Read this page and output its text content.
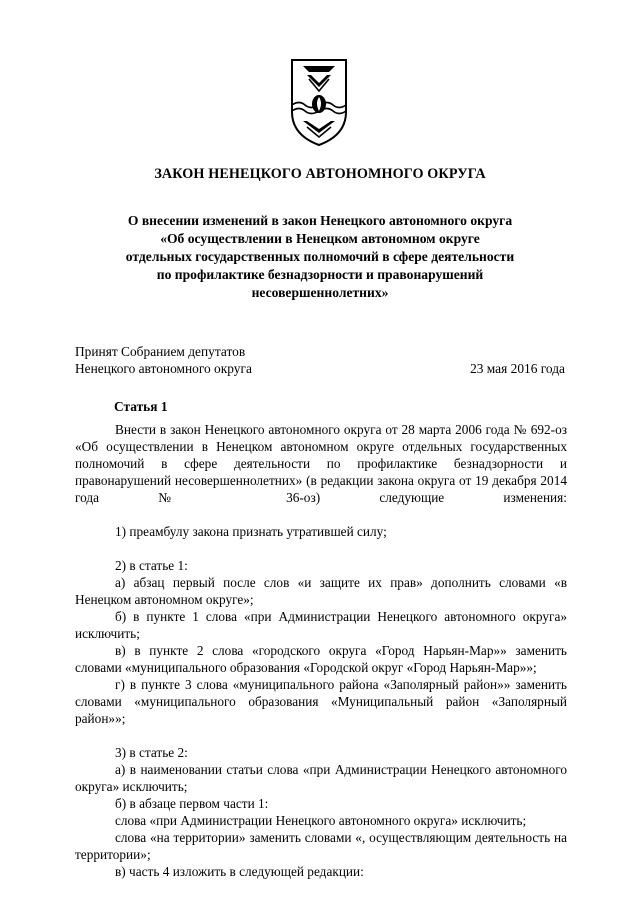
ЗАКОН НЕНЕЦКОГО АВТОНОМНОГО ОКРУГА
О внесении изменений в закон Ненецкого автономного округа
«Об осуществлении в Ненецком автономном округе
отдельных государственных полномочий в сфере деятельности
по профилактике безнадзорности и правонарушений
несовершеннолетних»
Принят Собранием депутатов
Ненецкого автономного округа	23 мая 2016 года
Статья 1

Внести в закон Ненецкого автономного округа от 28 марта 2006 года № 692-оз «Об осуществлении в Ненецком автономном округе отдельных государственных полномочий в сфере деятельности по профилактике безнадзорности и правонарушений несовершеннолетних» (в редакции закона округа от 19 декабря 2014 года № 36-оз) следующие изменения:

1) преамбулу закона признать утратившей силу;

2) в статье 1:

а) абзац первый после слов «и защите их прав» дополнить словами «в Ненецком автономном округе»;

б) в пункте 1 слова «при Администрации Ненецкого автономного округа» исключить;

в) в пункте 2 слова «городского округа «Город Нарьян-Мар»» заменить словами «муниципального образования «Городской округ «Город Нарьян-Мар»»;

г) в пункте 3 слова «муниципального района «Заполярный район»» заменить словами «муниципального образования «Муниципальный район «Заполярный район»»;

3) в статье 2:

а) в наименовании статьи слова «при Администрации Ненецкого автономного округа» исключить;

б) в абзаце первом части 1:

слова «при Администрации Ненецкого автономного округа» исключить;

слова «на территории» заменить словами «, осуществляющим деятельность на территории»;

в) часть 4 изложить в следующей редакции:
